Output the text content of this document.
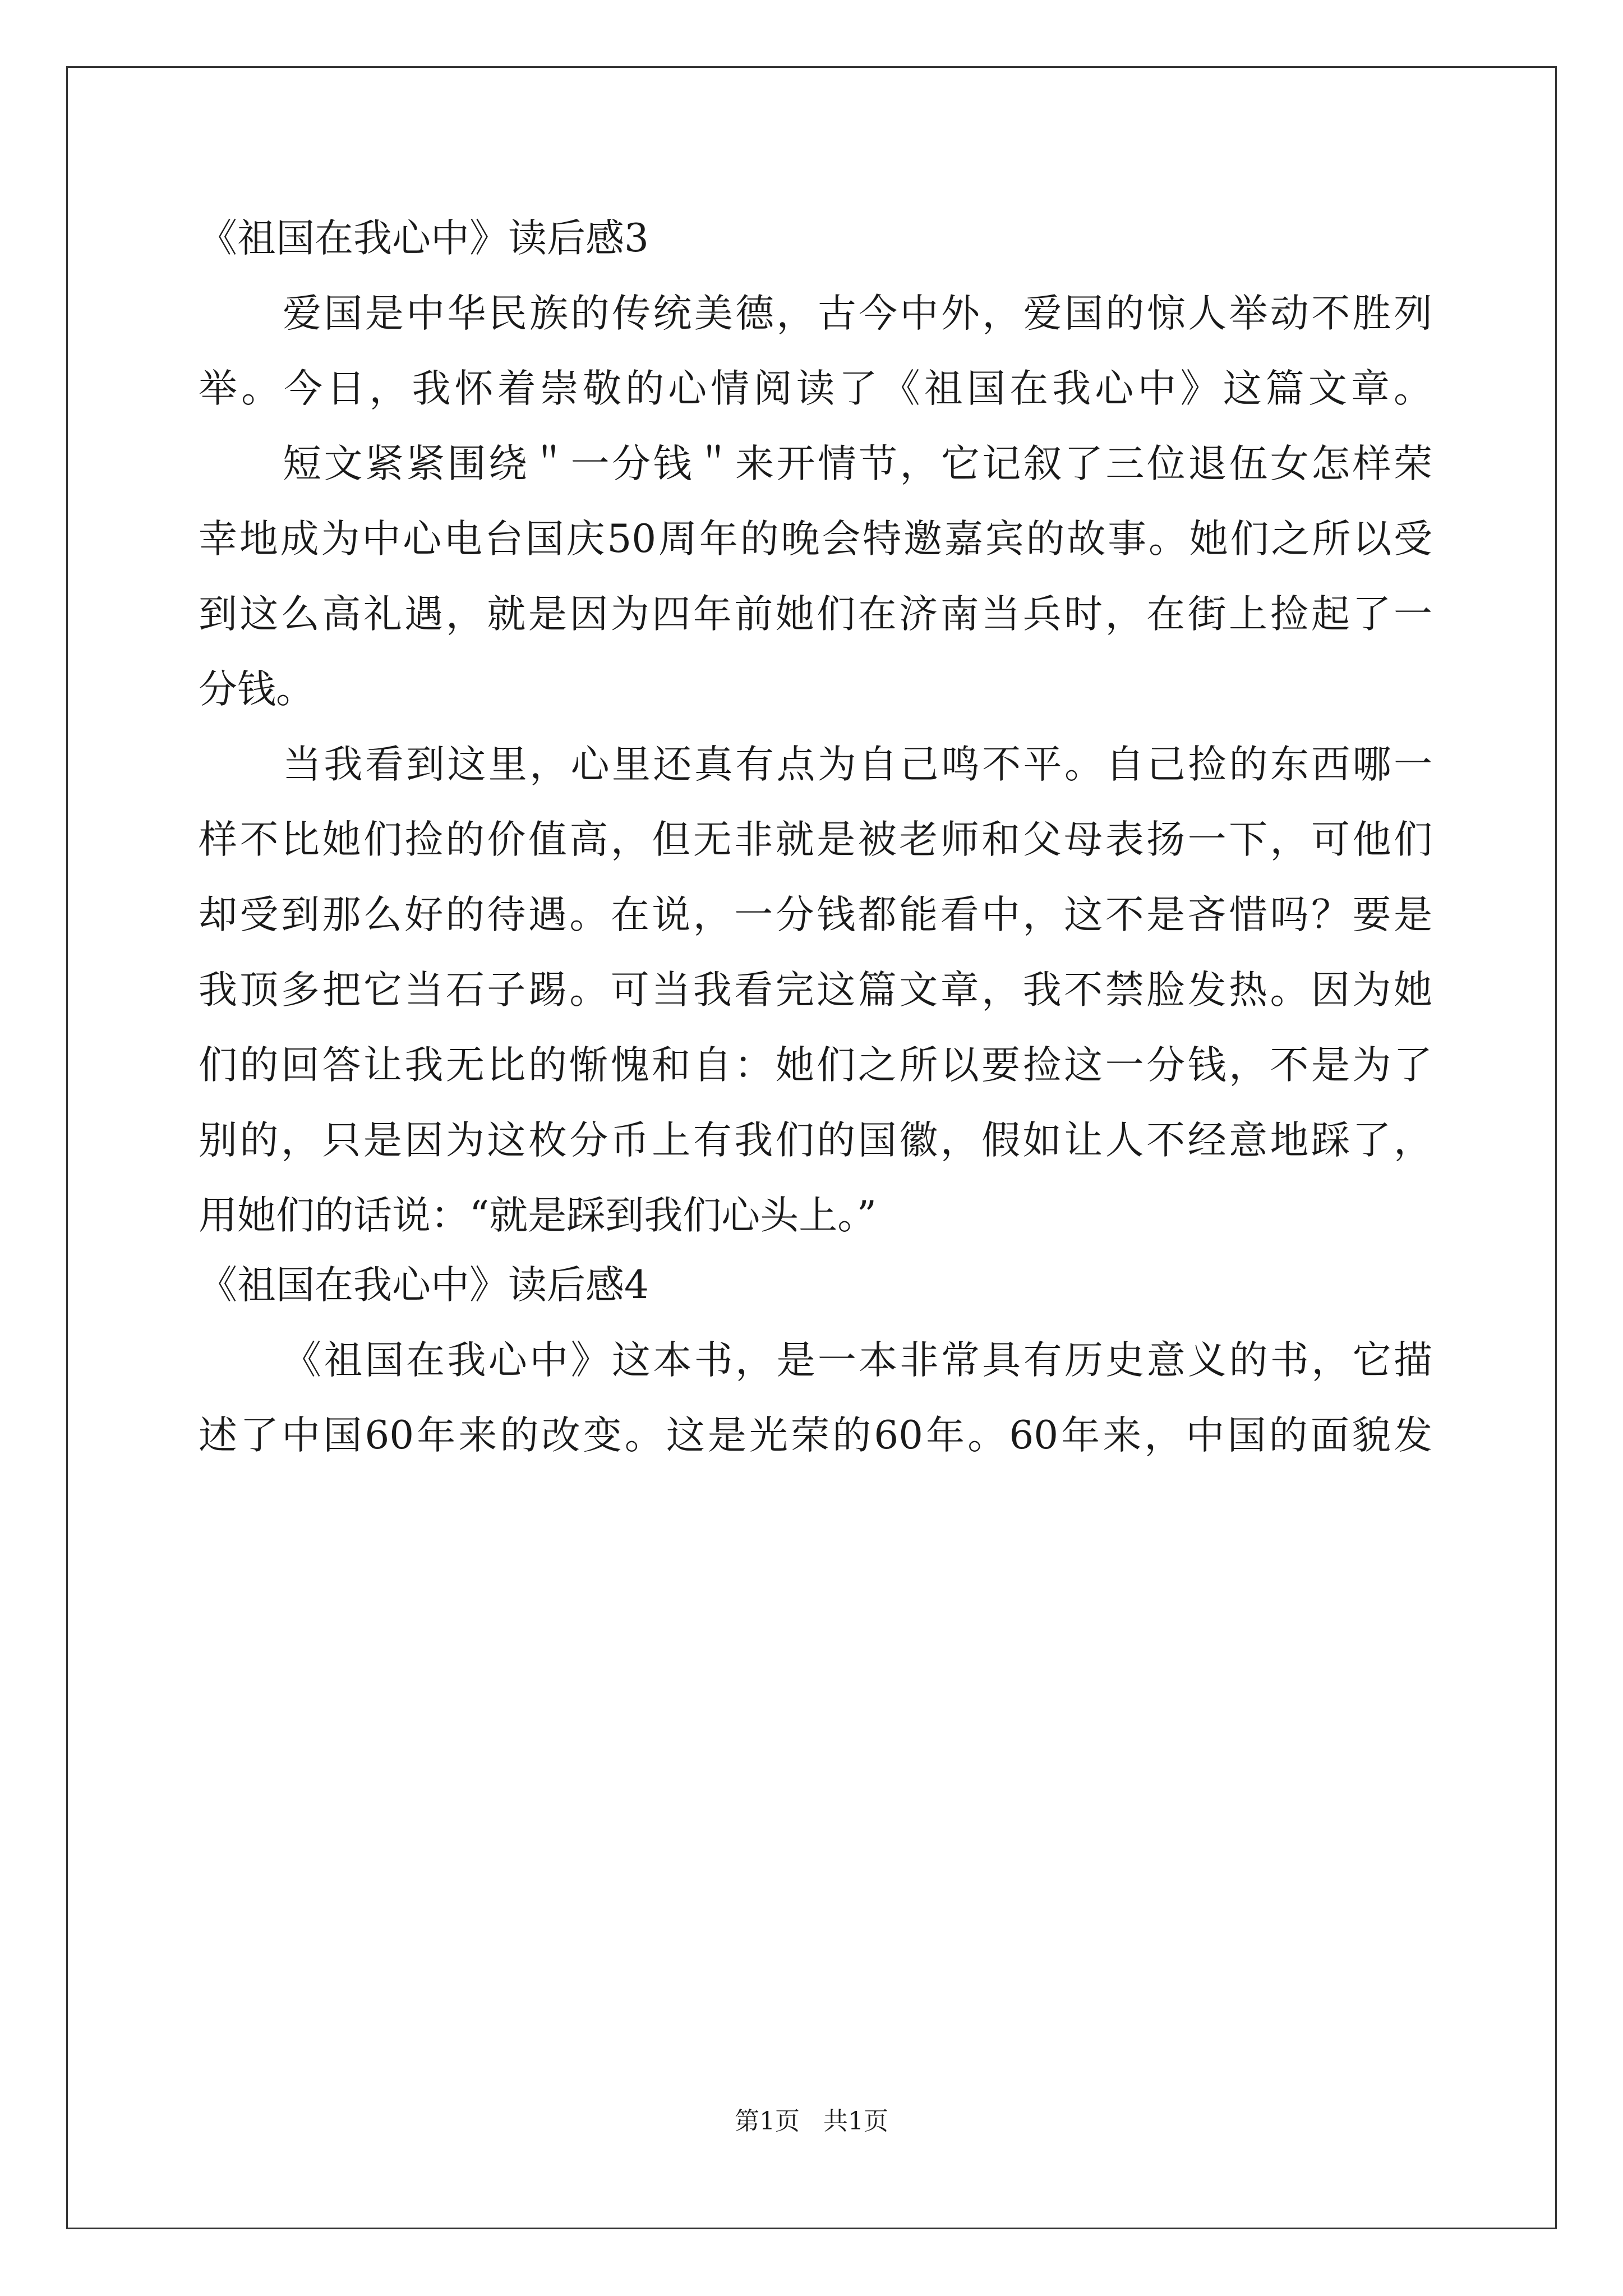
《祖国在我心中》读后感3
爱国是中华民族的传统美德，古今中外，爱国的惊人举动不胜列
举。今日，我怀着崇敬的心情阅读了《祖国在我心中》这篇文章。
短文紧紧围绕＂一分钱＂来开情节，它记叙了三位退伍女怎样荣
幸地成为中心电台国庆50周年的晚会特邀嘉宾的故事。她们之所以受
到这么高礼遇，就是因为四年前她们在济南当兵时，在街上捡起了一
分钱。
当我看到这里，心里还真有点为自己鸣不平。自己捡的东西哪一
样不比她们捡的价值高，但无非就是被老师和父母表扬一下，可他们
却受到那么好的待遇。在说，一分钱都能看中，这不是吝惜吗？要是
我顶多把它当石子踢。可当我看完这篇文章，我不禁脸发热。因为她
们的回答让我无比的惭愧和自：她们之所以要捡这一分钱，不是为了
别的，只是因为这枚分币上有我们的国徽，假如让人不经意地踩了，
用她们的话说：“就是踩到我们心头上。”
《祖国在我心中》读后感4
《祖国在我心中》这本书，是一本非常具有历史意义的书，它描
述了中国60年来的改变。这是光荣的60年。60年来，中国的面貌发
第1页 共1页
